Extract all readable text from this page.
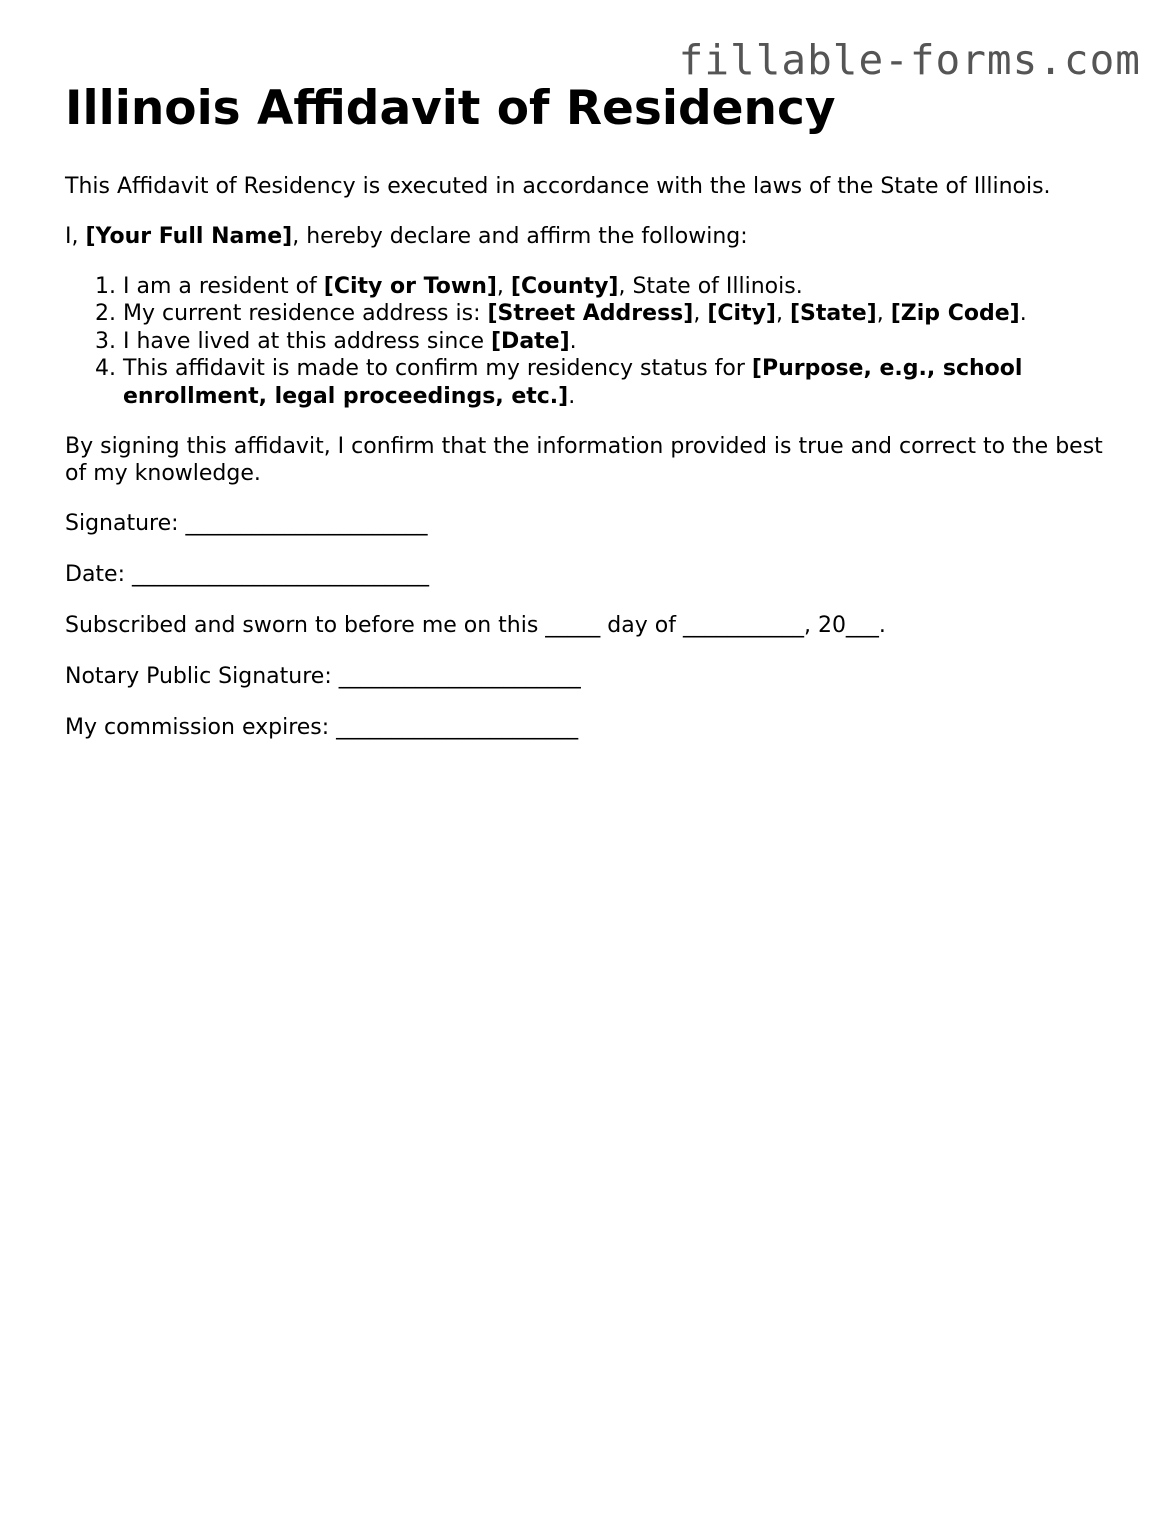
fillable-forms.com
Illinois Affidavit of Residency

This Affidavit of Residency is executed in accordance with the laws of the State of Illinois.

I, [Your Full Name], hereby declare and affirm the following:

1. I am a resident of [City or Town], [County], State of Illinois.
2. My current residence address is: [Street Address], [City], [State], [Zip Code].
3. I have lived at this address since [Date].
4. This affidavit is made to confirm my residency status for [Purpose, e.g., school enrollment, legal proceedings, etc.].

By signing this affidavit, I confirm that the information provided is true and correct to the best of my knowledge.

Signature: ______________________

Date: ___________________________

Subscribed and sworn to before me on this _____ day of ___________, 20___.

Notary Public Signature: ______________________

My commission expires: ______________________
